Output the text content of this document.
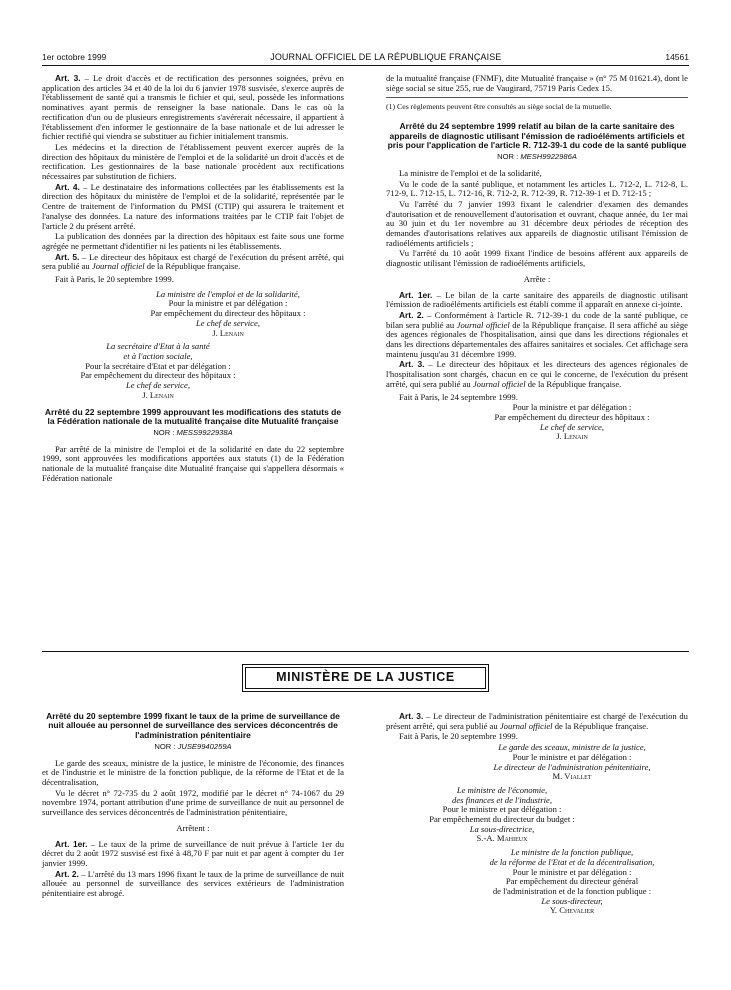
1er octobre 1999	JOURNAL OFFICIEL DE LA RÉPUBLIQUE FRANÇAISE	14561

Art. 3. – Le droit d'accès et de rectification des personnes soignées, prévu en application des articles 34 et 40 de la loi du 6 janvier 1978 susvisée, s'exerce auprès de l'établissement de santé qui a transmis le fichier et qui, seul, possède les informations nominatives ayant permis de renseigner la base nationale. Dans le cas où la rectification d'un ou de plusieurs enregistrements s'avérerait nécessaire, il appartient à l'établissement d'en informer le gestionnaire de la base nationale et de lui adresser le fichier rectifié qui viendra se substituer au fichier initialement transmis.

Les médecins et la direction de l'établissement peuvent exercer auprès de la direction des hôpitaux du ministère de l'emploi et de la solidarité un droit d'accès et de rectification. Les gestionnaires de la base nationale procèdent aux rectifications nécessaires par substitution de fichiers.

Art. 4. – Le destinataire des informations collectées par les établissements est la direction des hôpitaux du ministère de l'emploi et de la solidarité, représentée par le Centre de traitement de l'information du PMSI (CTIP) qui assurera le traitement et l'analyse des données. La nature des informations traitées par le CTIP fait l'objet de l'article 2 du présent arrêté.

La publication des données par la direction des hôpitaux est faite sous une forme agrégée ne permettant d'identifier ni les patients ni les établissements.

Art. 5. – Le directeur des hôpitaux est chargé de l'exécution du présent arrêté, qui sera publié au Journal officiel de la République française.

Fait à Paris, le 20 septembre 1999.

La ministre de l'emploi et de la solidarité,

Pour la ministre et par délégation :

Par empêchement du directeur des hôpitaux :

Le chef de service,

J. Lenain

La secrétaire d'Etat à la santé

et à l'action sociale,

Pour la secrétaire d'Etat et par délégation :

Par empêchement du directeur des hôpitaux :

Le chef de service,

J. Lenain

Arrêté du 22 septembre 1999 approuvant les modifications des statuts de la Fédération nationale de la mutualité française dite Mutualité française
NOR : MESS9922938A

Par arrêté de la ministre de l'emploi et de la solidarité en date du 22 septembre 1999, sont approuvées les modifications apportées aux statuts (1) de la Fédération nationale de la mutualité française dite Mutualité française qui s'appellera désormais « Fédération nationale

de la mutualité française (FNMF), dite Mutualité française » (n° 75 M 01621.4), dont le siège social se situe 255, rue de Vaugirard, 75719 Paris Cedex 15.

(1) Ces règlements peuvent être consultés au siège social de la mutuelle.

Arrêté du 24 septembre 1999 relatif au bilan de la carte sanitaire des appareils de diagnostic utilisant l'émission de radioéléments artificiels et pris pour l'application de l'article R. 712-39-1 du code de la santé publique
NOR : MESH9922986A

La ministre de l'emploi et de la solidarité,

Vu le code de la santé publique, et notamment les articles L. 712-2, L. 712-8, L. 712-9, L. 712-15, L. 712-16, R. 712-2, R. 712-39, R. 712-39-1 et D. 712-15 ;

Vu l'arrêté du 7 janvier 1993 fixant le calendrier d'examen des demandes d'autorisation et de renouvellement d'autorisation et ouvrant, chaque année, du 1er mai au 30 juin et du 1er novembre au 31 décembre deux périodes de réception des demandes d'autorisations relatives aux appareils de diagnostic utilisant l'émission de radioéléments artificiels ;

Vu l'arrêté du 10 août 1999 fixant l'indice de besoins afférent aux appareils de diagnostic utilisant l'émission de radioéléments artificiels,

Arrête :

Art. 1er. – Le bilan de la carte sanitaire des appareils de diagnostic utilisant l'émission de radioéléments artificiels est établi comme il apparaît en annexe ci-jointe.

Art. 2. – Conformément à l'article R. 712-39-1 du code de la santé publique, ce bilan sera publié au Journal officiel de la République française. Il sera affiché au siège des agences régionales de l'hospitalisation, ainsi que dans les directions régionales et dans les directions départementales des affaires sanitaires et sociales. Cet affichage sera maintenu jusqu'au 31 décembre 1999.

Art. 3. – Le directeur des hôpitaux et les directeurs des agences régionales de l'hospitalisation sont chargés, chacun en ce qui le concerne, de l'exécution du présent arrêté, qui sera publié au Journal officiel de la République française.

Fait à Paris, le 24 septembre 1999.

Pour la ministre et par délégation :

Par empêchement du directeur des hôpitaux :

Le chef de service,

J. Lenain

MINISTÈRE DE LA JUSTICE
Arrêté du 20 septembre 1999 fixant le taux de la prime de surveillance de nuit allouée au personnel de surveillance des services déconcentrés de l'administration pénitentiaire
NOR : JUSE9940259A

Le garde des sceaux, ministre de la justice, le ministre de l'économie, des finances et de l'industrie et le ministre de la fonction publique, de la réforme de l'Etat et de la décentralisation,

Vu le décret n° 72-735 du 2 août 1972, modifié par le décret n° 74-1067 du 29 novembre 1974, portant attribution d'une prime de surveillance de nuit au personnel de surveillance des services déconcentrés de l'administration pénitentiaire,

Arrêtent :

Art. 1er. – Le taux de la prime de surveillance de nuit prévue à l'article 1er du décret du 2 août 1972 susvisé est fixé à 48,70 F par nuit et par agent à compter du 1er janvier 1999.

Art. 2. – L'arrêté du 13 mars 1996 fixant le taux de la prime de surveillance de nuit allouée au personnel de surveillance des services extérieurs de l'administration pénitentiaire est abrogé.

Art. 3. – Le directeur de l'administration pénitentiaire est chargé de l'exécution du présent arrêté, qui sera publié au Journal officiel de la République française.

Fait à Paris, le 20 septembre 1999.

Le garde des sceaux, ministre de la justice,

Pour le ministre et par délégation :

Le directeur de l'administration pénitentiaire,

M. Viallet

Le ministre de l'économie,

des finances et de l'industrie,

Pour le ministre et par délégation :

Par empêchement du directeur du budget :

La sous-directrice,

S.-A. Mahieux

Le ministre de la fonction publique,

de la réforme de l'Etat et de la décentralisation,

Pour le ministre et par délégation :

Par empêchement du directeur général

de l'administration et de la fonction publique :

Le sous-directeur,

Y. Chevalier
